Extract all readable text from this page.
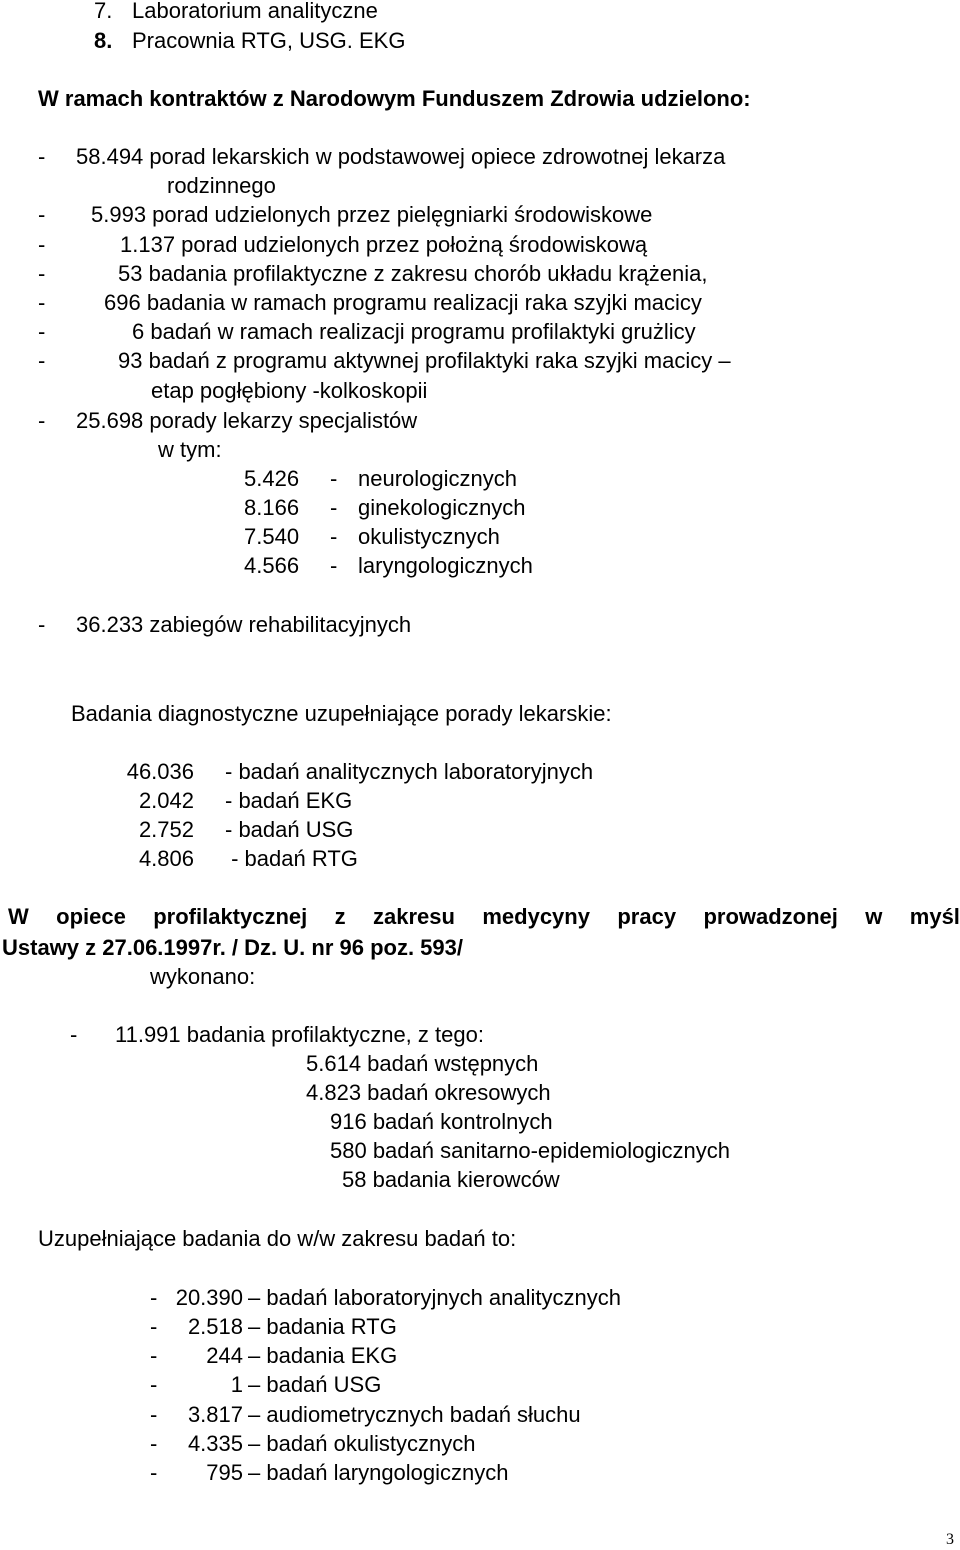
7. Laboratorium analityczne
8. Pracownia RTG, USG. EKG
W ramach kontraktów z Narodowym Funduszem Zdrowia udzielono:
- 58.494 porad lekarskich w podstawowej opiece zdrowotnej lekarza
rodzinnego
- 5.993 porad udzielonych przez pielęgniarki środowiskowe
-	1.137 porad udzielonych przez położną środowiskową
-	53 badania profilaktyczne z zakresu chorób układu krążenia,
-	696 badania w ramach programu realizacji raka szyjki macicy
-	6 badań w ramach realizacji programu profilaktyki grużlicy
-	93 badań z programu aktywnej profilaktyki raka szyjki macicy –
etap pogłębiony -kolkoskopii
- 25.698 porady lekarzy specjalistów
w tym:
5.426 - neurologicznych
8.166 - ginekologicznych
7.540 - okulistycznych
4.566 - laryngologicznych
- 36.233 zabiegów rehabilitacyjnych
Badania diagnostyczne uzupełniające porady lekarskie:
46.036 - badań analitycznych laboratoryjnych
2.042 - badań EKG
2.752 - badań USG
4.806 - badań RTG
W opiece profilaktycznej z zakresu medycyny pracy prowadzonej w myśl
Ustawy z 27.06.1997r. / Dz. U. nr 96 poz. 593/
wykonano:
- 11.991 badania profilaktyczne, z tego:
5.614 badań wstępnych
4.823 badań okresowych
916 badań kontrolnych
580 badań sanitarno-epidemiologicznych
58 badania kierowców
Uzupełniające badania do w/w zakresu badań to:
- 20.390 – badań laboratoryjnych analitycznych
-	2.518 – badania RTG
-	244 – badania EKG
-	1 – badań USG
-	3.817 – audiometrycznych badań słuchu
-	4.335 – badań okulistycznych
-	795 – badań laryngologicznych
3
